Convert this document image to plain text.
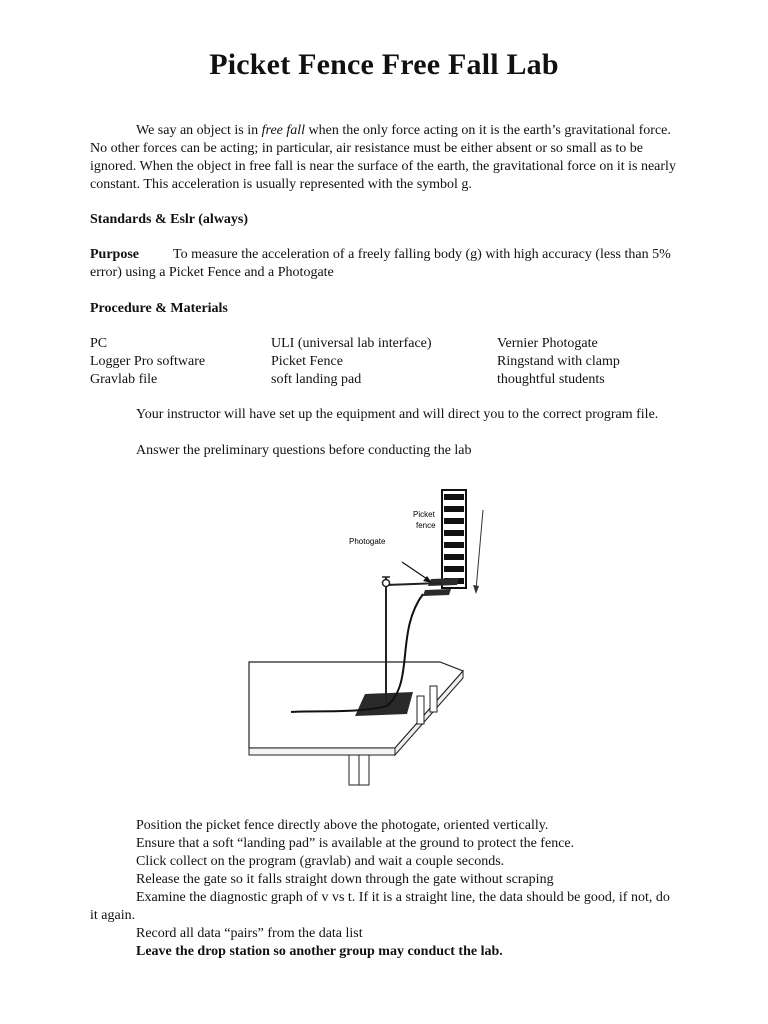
Picket Fence Free Fall Lab
We say an object is in free fall when the only force acting on it is the earth’s gravitational force. No other forces can be acting; in particular, air resistance must be either absent or so small as to be ignored. When the object in free fall is near the surface of the earth, the gravitational force on it is nearly constant. This acceleration is usually represented with the symbol g.
Standards & Eslr (always)
Purpose To measure the acceleration of a freely falling body (g) with high accuracy (less than 5% error) using a Picket Fence and a Photogate
Procedure & Materials
PC	ULI (universal lab interface)	Vernier Photogate
Logger Pro software	Picket Fence	Ringstand with clamp
Gravlab file	soft landing pad	thoughtful students
Your instructor will have set up the equipment and will direct you to the correct program file.
Answer the preliminary questions before conducting the lab
Picket
fence
Photogate
Position the picket fence directly above the photogate, oriented vertically.
Ensure that a soft “landing pad” is available at the ground to protect the fence.
Click collect on the program (gravlab) and wait a couple seconds.
Release the gate so it falls straight down through the gate without scraping
Examine the diagnostic graph of v vs t. If it is a straight line, the data should be good, if not, do it again.
Record all data “pairs” from the data list
Leave the drop station so another group may conduct the lab.
